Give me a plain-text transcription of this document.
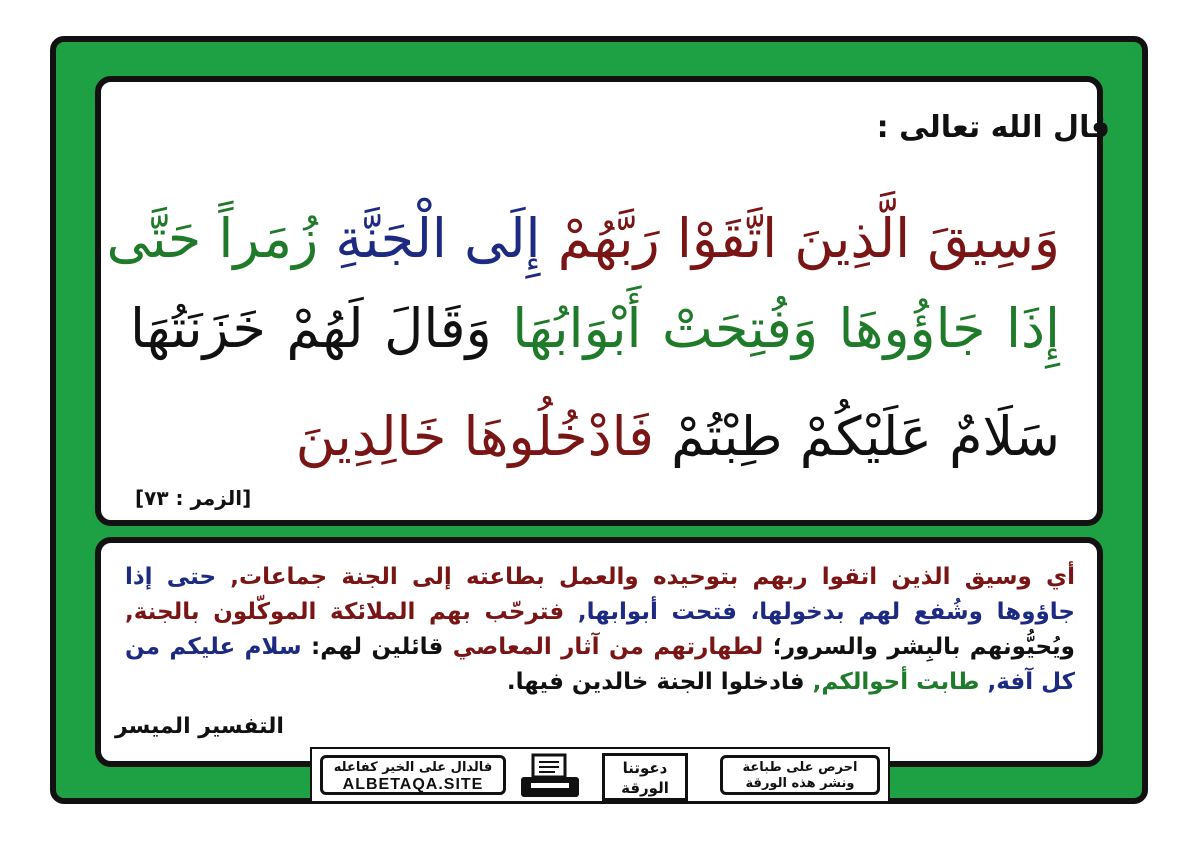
قال الله تعالى :
وَسِيقَ الَّذِينَ اتَّقَوْا رَبَّهُمْ إِلَى الْجَنَّةِ زُمَراً حَتَّى
إِذَا جَاؤُوهَا وَفُتِحَتْ أَبْوَابُهَا وَقَالَ لَهُمْ خَزَنَتُهَا
سَلَامٌ عَلَيْكُمْ طِبْتُمْ فَادْخُلُوهَا خَالِدِينَ
[الزمر : ٧٣]
أي وسيق الذين اتقوا ربهم بتوحيده والعمل بطاعته إلى الجنة جماعات, حتى إذا جاؤوها وشُفع لهم بدخولها، فتحت أبوابها, فترحّب بهم الملائكة الموكّلون بالجنة, ويُحيُّونهم بالبِشر والسرور؛ لطهارتهم من آثار المعاصي قائلين لهم: سلام عليكم من كل آفة, طابت أحوالكم, فادخلوا الجنة خالدين فيها.
التفسير الميسر
فالدال على الخير كفاعله
ALBETAQA.SITE
دعوتنا
الورقة
احرص على طباعة
ونشر هذه الورقة
